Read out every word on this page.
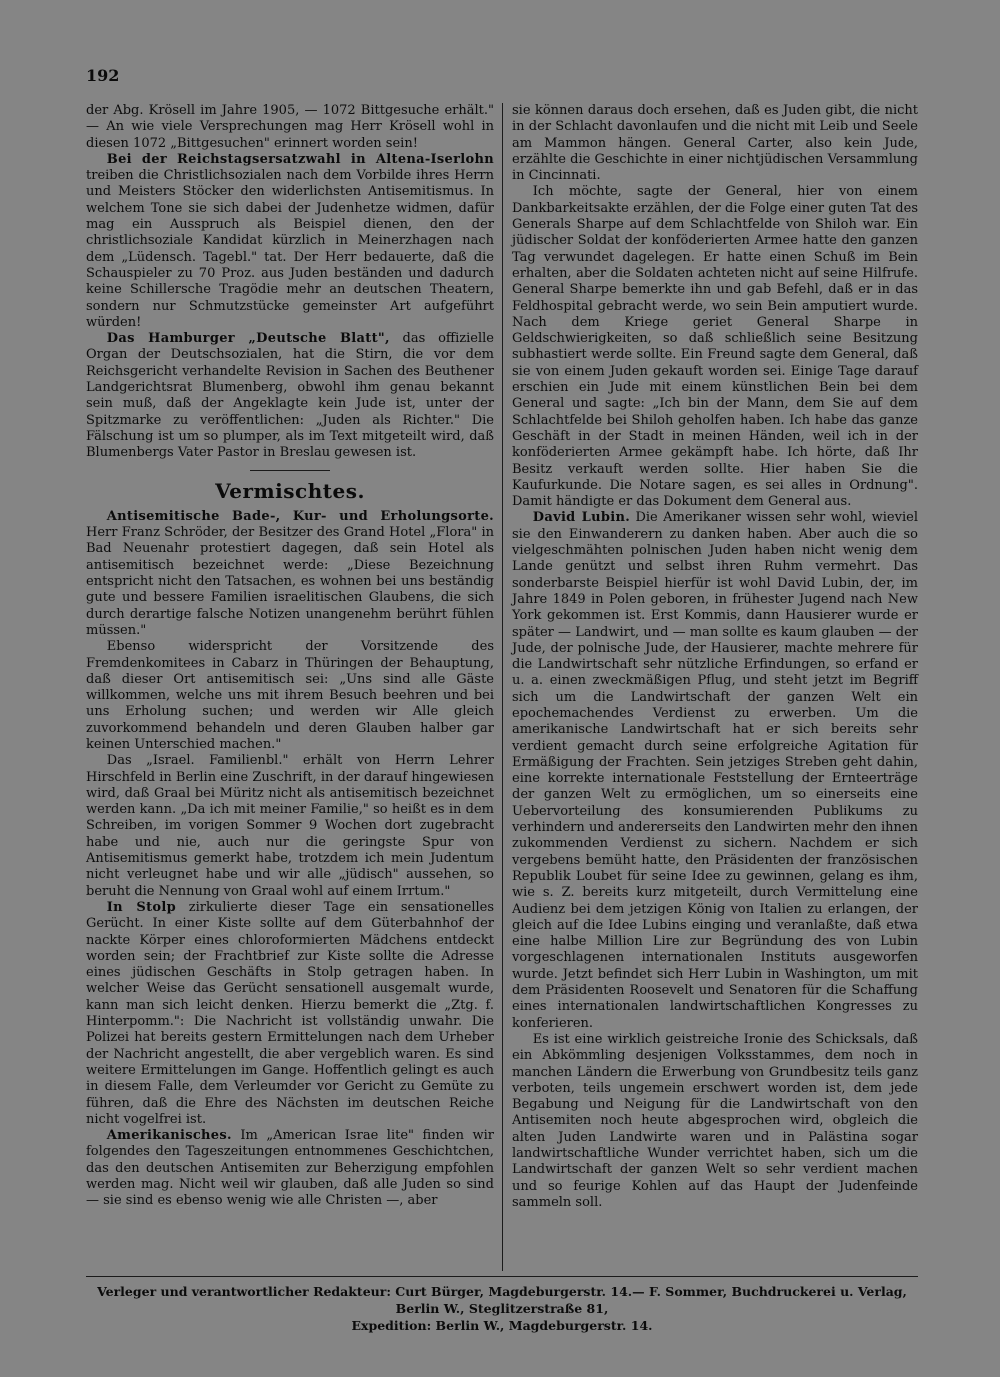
192

der Abg. Krösell im Jahre 1905, — 1072 Bittgesuche erhält." — An wie viele Versprechungen mag Herr Krösell wohl in diesen 1072 „Bittgesuchen" erinnert worden sein!

Bei der Reichstagsersatzwahl in Altena-Iserlohn treiben die Christlichsozialen nach dem Vorbilde ihres Herrn und Meisters Stöcker den widerlichsten Antisemitismus. In welchem Tone sie sich dabei der Judenhetze widmen, dafür mag ein Ausspruch als Beispiel dienen, den der christlichsoziale Kandidat kürzlich in Meinerzhagen nach dem „Lüdensch. Tagebl." tat. Der Herr bedauerte, daß die Schauspieler zu 70 Proz. aus Juden beständen und dadurch keine Schillersche Tragödie mehr an deutschen Theatern, sondern nur Schmutzstücke gemeinster Art aufgeführt würden!

Das Hamburger „Deutsche Blatt", das offizielle Organ der Deutschsozialen, hat die Stirn, die vor dem Reichsgericht verhandelte Revision in Sachen des Beuthener Landgerichtsrat Blumenberg, obwohl ihm genau bekannt sein muß, daß der Angeklagte kein Jude ist, unter der Spitzmarke zu veröffentlichen: „Juden als Richter." Die Fälschung ist um so plumper, als im Text mitgeteilt wird, daß Blumenbergs Vater Pastor in Breslau gewesen ist.

Vermischtes.

Antisemitische Bade-, Kur- und Erholungsorte. Herr Franz Schröder, der Besitzer des Grand Hotel „Flora" in Bad Neuenahr protestiert dagegen, daß sein Hotel als antisemitisch bezeichnet werde: „Diese Bezeichnung entspricht nicht den Tatsachen, es wohnen bei uns beständig gute und bessere Familien israelitischen Glaubens, die sich durch derartige falsche Notizen unangenehm berührt fühlen müssen."

Ebenso widerspricht der Vorsitzende des Fremdenkomitees in Cabarz in Thüringen der Behauptung, daß dieser Ort antisemitisch sei: „Uns sind alle Gäste willkommen, welche uns mit ihrem Besuch beehren und bei uns Erholung suchen; und werden wir Alle gleich zuvorkommend behandeln und deren Glauben halber gar keinen Unterschied machen."

Das „Israel. Familienbl." erhält von Herrn Lehrer Hirschfeld in Berlin eine Zuschrift, in der darauf hingewiesen wird, daß Graal bei Müritz nicht als antisemitisch bezeichnet werden kann. „Da ich mit meiner Familie," so heißt es in dem Schreiben, im vorigen Sommer 9 Wochen dort zugebracht habe und nie, auch nur die geringste Spur von Antisemitismus gemerkt habe, trotzdem ich mein Judentum nicht verleugnet habe und wir alle „jüdisch" aussehen, so beruht die Nennung von Graal wohl auf einem Irrtum."

In Stolp zirkulierte dieser Tage ein sensationelles Gerücht. In einer Kiste sollte auf dem Güterbahnhof der nackte Körper eines chloroformierten Mädchens entdeckt worden sein; der Frachtbrief zur Kiste sollte die Adresse eines jüdischen Geschäfts in Stolp getragen haben. In welcher Weise das Gerücht sensationell ausgemalt wurde, kann man sich leicht denken. Hierzu bemerkt die „Ztg. f. Hinterpomm.": Die Nachricht ist vollständig unwahr. Die Polizei hat bereits gestern Ermittelungen nach dem Urheber der Nachricht angestellt, die aber vergeblich waren. Es sind weitere Ermittelungen im Gange. Hoffentlich gelingt es auch in diesem Falle, dem Verleumder vor Gericht zu Gemüte zu führen, daß die Ehre des Nächsten im deutschen Reiche nicht vogelfrei ist.

Amerikanisches. Im „American Israe lite" finden wir folgendes den Tageszeitungen entnommenes Geschichtchen, das den deutschen Antisemiten zur Beherzigung empfohlen werden mag. Nicht weil wir glauben, daß alle Juden so sind — sie sind es ebenso wenig wie alle Christen —, aber

sie können daraus doch ersehen, daß es Juden gibt, die nicht in der Schlacht davonlaufen und die nicht mit Leib und Seele am Mammon hängen. General Carter, also kein Jude, erzählte die Geschichte in einer nichtjüdischen Versammlung in Cincinnati.

Ich möchte, sagte der General, hier von einem Dankbarkeitsakte erzählen, der die Folge einer guten Tat des Generals Sharpe auf dem Schlachtfelde von Shiloh war. Ein jüdischer Soldat der konföderierten Armee hatte den ganzen Tag verwundet dagelegen. Er hatte einen Schuß im Bein erhalten, aber die Soldaten achteten nicht auf seine Hilfrufe. General Sharpe bemerkte ihn und gab Befehl, daß er in das Feldhospital gebracht werde, wo sein Bein amputiert wurde. Nach dem Kriege geriet General Sharpe in Geldschwierigkeiten, so daß schließlich seine Besitzung subhastiert werde sollte. Ein Freund sagte dem General, daß sie von einem Juden gekauft worden sei. Einige Tage darauf erschien ein Jude mit einem künstlichen Bein bei dem General und sagte: „Ich bin der Mann, dem Sie auf dem Schlachtfelde bei Shiloh geholfen haben. Ich habe das ganze Geschäft in der Stadt in meinen Händen, weil ich in der konföderierten Armee gekämpft habe. Ich hörte, daß Ihr Besitz verkauft werden sollte. Hier haben Sie die Kaufurkunde. Die Notare sagen, es sei alles in Ordnung". Damit händigte er das Dokument dem General aus.

David Lubin. Die Amerikaner wissen sehr wohl, wieviel sie den Einwanderern zu danken haben. Aber auch die so vielgeschmähten polnischen Juden haben nicht wenig dem Lande genützt und selbst ihren Ruhm vermehrt. Das sonderbarste Beispiel hierfür ist wohl David Lubin, der, im Jahre 1849 in Polen geboren, in frühester Jugend nach New York gekommen ist. Erst Kommis, dann Hausierer wurde er später — Landwirt, und — man sollte es kaum glauben — der Jude, der polnische Jude, der Hausierer, machte mehrere für die Landwirtschaft sehr nützliche Erfindungen, so erfand er u. a. einen zweckmäßigen Pflug, und steht jetzt im Begriff sich um die Landwirtschaft der ganzen Welt ein epochemachendes Verdienst zu erwerben. Um die amerikanische Landwirtschaft hat er sich bereits sehr verdient gemacht durch seine erfolgreiche Agitation für Ermäßigung der Frachten. Sein jetziges Streben geht dahin, eine korrekte internationale Feststellung der Ernteerträge der ganzen Welt zu ermöglichen, um so einerseits eine Uebervorteilung des konsumierenden Publikums zu verhindern und andererseits den Landwirten mehr den ihnen zukommenden Verdienst zu sichern. Nachdem er sich vergebens bemüht hatte, den Präsidenten der französischen Republik Loubet für seine Idee zu gewinnen, gelang es ihm, wie s. Z. bereits kurz mitgeteilt, durch Vermittelung eine Audienz bei dem jetzigen König von Italien zu erlangen, der gleich auf die Idee Lubins einging und veranlaßte, daß etwa eine halbe Million Lire zur Begründung des von Lubin vorgeschlagenen internationalen Instituts ausgeworfen wurde. Jetzt befindet sich Herr Lubin in Washington, um mit dem Präsidenten Roosevelt und Senatoren für die Schaffung eines internationalen landwirtschaftlichen Kongresses zu konferieren.

Es ist eine wirklich geistreiche Ironie des Schicksals, daß ein Abkömmling desjenigen Volksstammes, dem noch in manchen Ländern die Erwerbung von Grundbesitz teils ganz verboten, teils ungemein erschwert worden ist, dem jede Begabung und Neigung für die Landwirtschaft von den Antisemiten noch heute abgesprochen wird, obgleich die alten Juden Landwirte waren und in Palästina sogar landwirtschaftliche Wunder verrichtet haben, sich um die Landwirtschaft der ganzen Welt so sehr verdient machen und so feurige Kohlen auf das Haupt der Judenfeinde sammeln soll.

Verleger und verantwortlicher Redakteur: Curt Bürger, Magdeburgerstr. 14.— F. Sommer, Buchdruckerei u. Verlag, Berlin W., Steglitzerstraße 81,
Expedition: Berlin W., Magdeburgerstr. 14.
